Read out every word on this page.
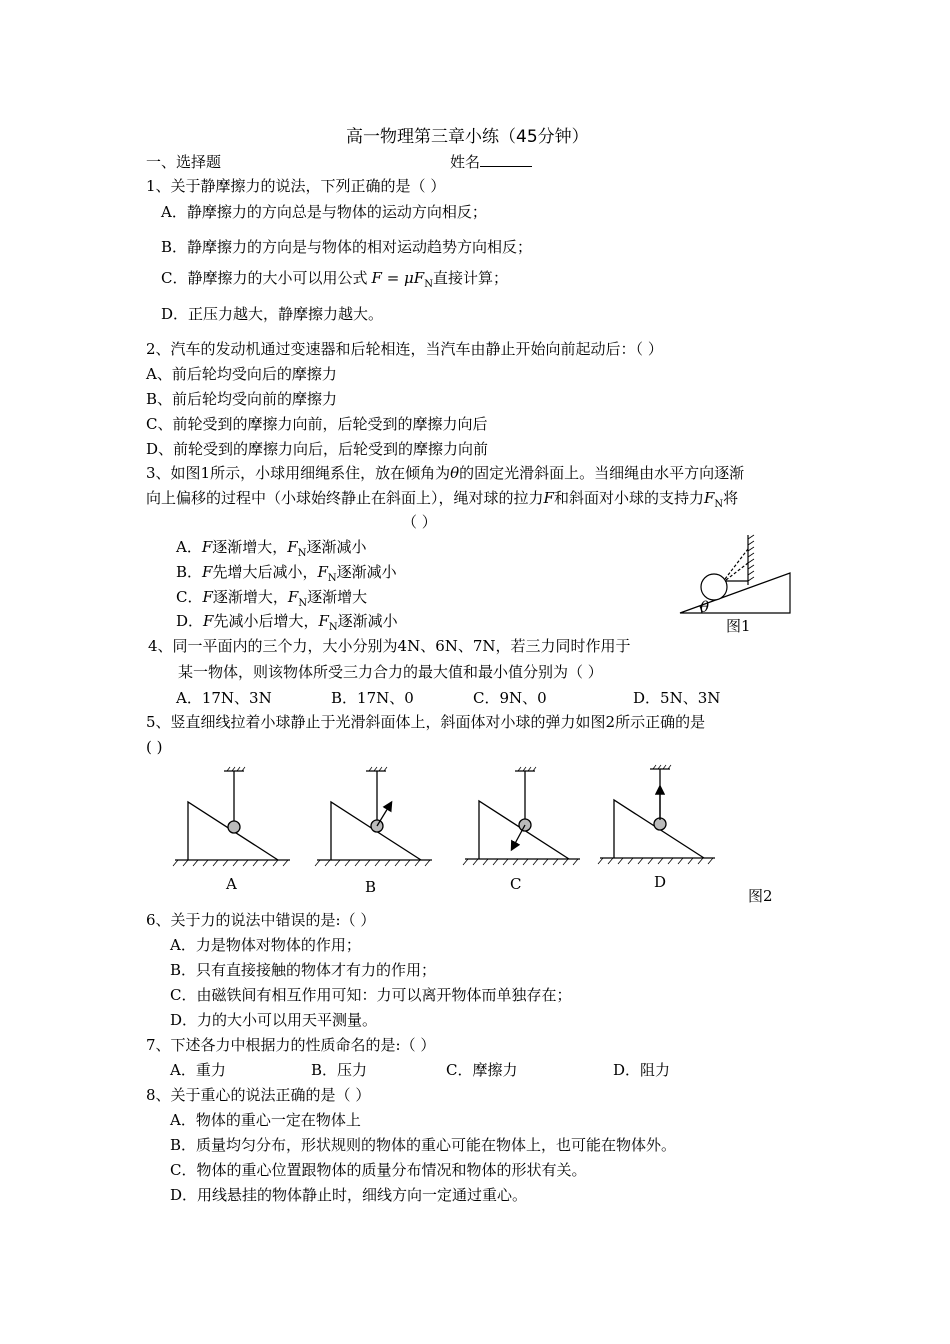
高一物理第三章小练（45分钟）
一、选择题	姓名
1、关于静摩擦力的说法，下列正确的是（ ）
A．静摩擦力的方向总是与物体的运动方向相反；
B．静摩擦力的方向是与物体的相对运动趋势方向相反；
C．静摩擦力的大小可以用公式 $F = \mu F_N$直接计算；
D．正压力越大，静摩擦力越大。
2、汽车的发动机通过变速器和后轮相连，当汽车由静止开始向前起动后：（ ）
A、前后轮均受向后的摩擦力
B、前后轮均受向前的摩擦力
C、前轮受到的摩擦力向前，后轮受到的摩擦力向后
D、前轮受到的摩擦力向后，后轮受到的摩擦力向前
3、如图1所示，小球用细绳系住，放在倾角为θ的固定光滑斜面上。当细绳由水平方向逐渐
向上偏移的过程中（小球始终静止在斜面上），绳对球的拉力F和斜面对小球的支持力$F_N$将
（ ）
A．F逐渐增大，$F_N$逐渐减小
B．F先增大后减小，$F_N$逐渐减小
C．F逐渐增大，$F_N$逐渐增大
D．F先减小后增大，$F_N$逐渐减小
θ
图1
4、同一平面内的三个力，大小分别为4N、6N、7N，若三力同时作用于
某一物体，则该物体所受三力合力的最大值和最小值分别为（ ）
A．17N、3N	B．17N、0	C．9N、0	D．5N、3N
5、竖直细线拉着小球静止于光滑斜面体上，斜面体对小球的弹力如图2所示正确的是
( )
A	B	C	D
图2
6、关于力的说法中错误的是:（ ）
A．力是物体对物体的作用；
B．只有直接接触的物体才有力的作用；
C．由磁铁间有相互作用可知：力可以离开物体而单独存在；
D．力的大小可以用天平测量。
7、下述各力中根据力的性质命名的是:（ ）
A．重力	B．压力	C．摩擦力	D．阻力
8、关于重心的说法正确的是（ ）
A．物体的重心一定在物体上
B．质量均匀分布，形状规则的物体的重心可能在物体上，也可能在物体外。
C．物体的重心位置跟物体的质量分布情况和物体的形状有关。
D．用线悬挂的物体静止时，细线方向一定通过重心。
